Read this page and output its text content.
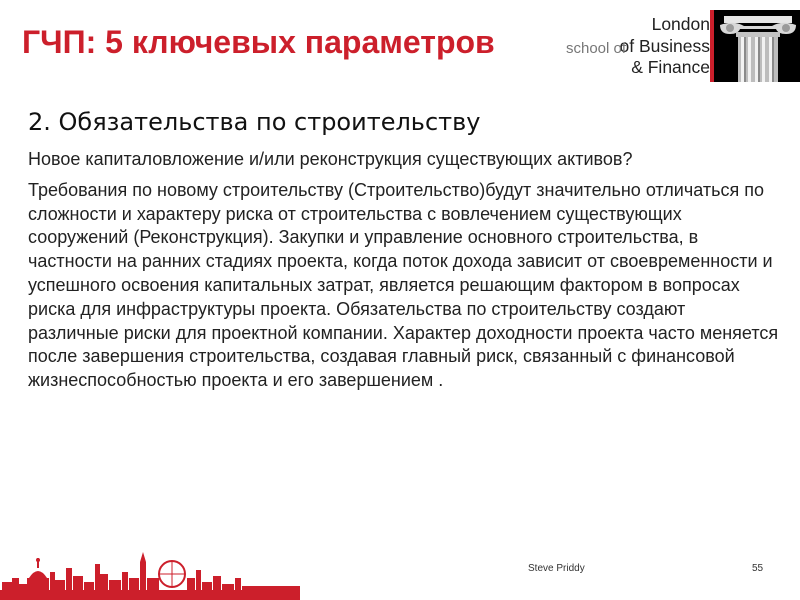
ГЧП: 5 ключевых параметров	school of
London
of Business
& Finance
2. Обязательства по строительству

Новое капиталовложение и/или реконструкция существующих активов?

Требования по новому строительству (Строительство)будут значительно отличаться по сложности и характеру риска от строительства с вовлечением существующих сооружений (Реконструкция). Закупки и управление основного строительства, в частности на ранних стадиях проекта, когда поток дохода зависит от своевременности и успешного освоения капитальных затрат, является решающим фактором в вопросах риска для инфраструктуры проекта. Обязательства по строительству создают различные риски для проектной компании. Характер доходности проекта часто меняется после завершения строительства, создавая главный риск, связанный с финансовой жизнеспособностью проекта и его завершением .

Steve Priddy	55
